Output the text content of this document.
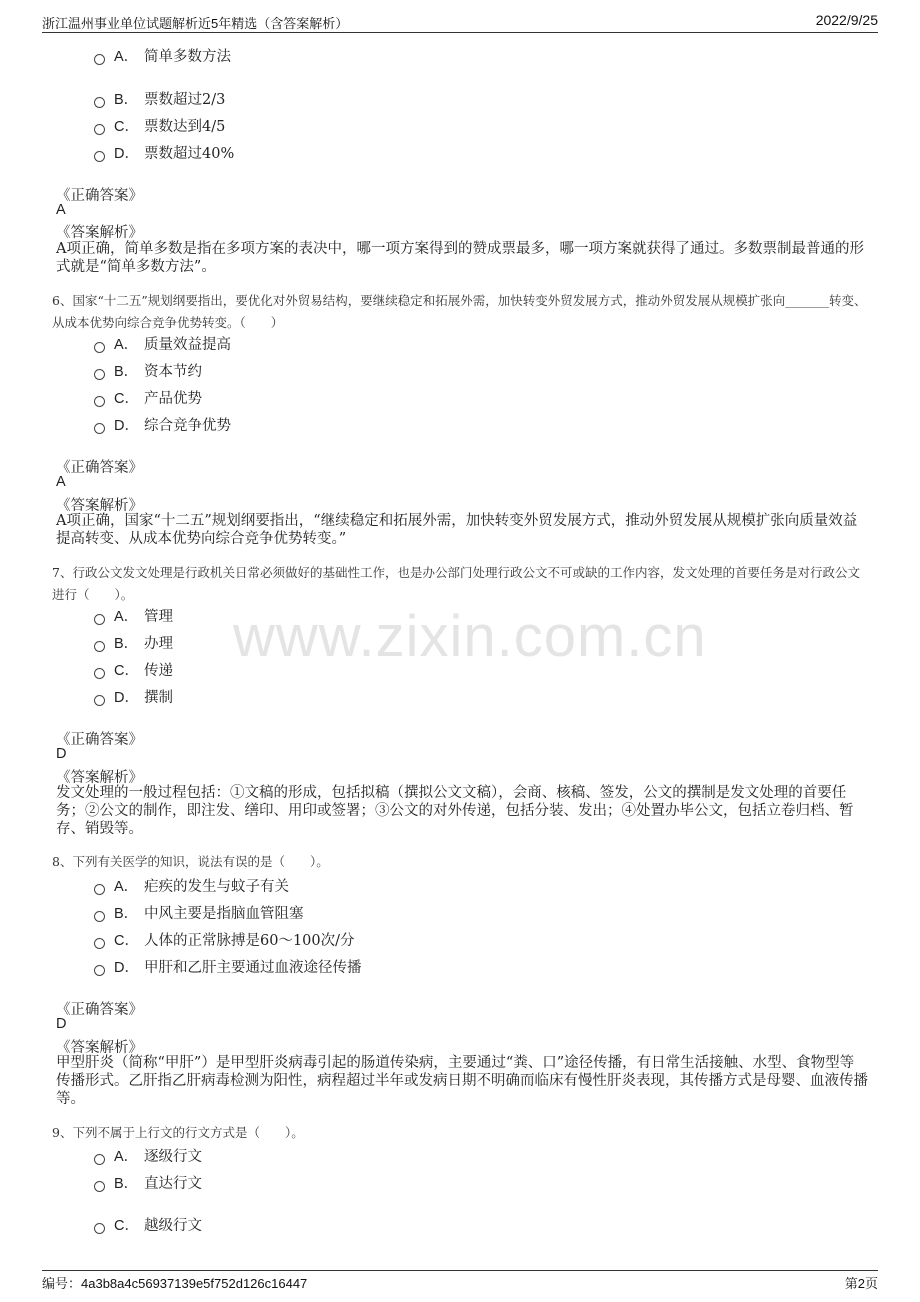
浙江温州事业单位试题解析近5年精选（含答案解析）	2022/9/25
www.zixin.com.cn
A． 简单多数方法
B． 票数超过2/3
C． 票数达到4/5
D． 票数超过40%
《正确答案》
A
《答案解析》
A项正确，简单多数是指在多项方案的表决中，哪一项方案得到的赞成票最多，哪一项方案就获得了通过。多数票制最普通的形式就是“简单多数方法”。
6、国家“十二五”规划纲要指出，要优化对外贸易结构，要继续稳定和拓展外需，加快转变外贸发展方式，推动外贸发展从规模扩张向_______转变、从成本优势向综合竞争优势转变。（　　）
A． 质量效益提高
B． 资本节约
C． 产品优势
D． 综合竞争优势
《正确答案》
A
《答案解析》
A项正确，国家“十二五”规划纲要指出，“继续稳定和拓展外需，加快转变外贸发展方式，推动外贸发展从规模扩张向质量效益提高转变、从成本优势向综合竞争优势转变。”
7、行政公文发文处理是行政机关日常必须做好的基础性工作，也是办公部门处理行政公文不可或缺的工作内容，发文处理的首要任务是对行政公文进行（　　）。
A． 管理
B． 办理
C． 传递
D． 撰制
《正确答案》
D
《答案解析》
发文处理的一般过程包括：①文稿的形成，包括拟稿（撰拟公文文稿），会商、核稿、签发，公文的撰制是发文处理的首要任务；②公文的制作，即注发、缮印、用印或签署；③公文的对外传递，包括分装、发出；④处置办毕公文，包括立卷归档、暂存、销毁等。
8、下列有关医学的知识，说法有误的是（　　）。
A． 疟疾的发生与蚊子有关
B． 中风主要是指脑血管阻塞
C． 人体的正常脉搏是60～100次/分
D． 甲肝和乙肝主要通过血液途径传播
《正确答案》
D
《答案解析》
甲型肝炎（简称“甲肝”）是甲型肝炎病毒引起的肠道传染病，主要通过“粪、口”途径传播，有日常生活接触、水型、食物型等传播形式。乙肝指乙肝病毒检测为阳性，病程超过半年或发病日期不明确而临床有慢性肝炎表现，其传播方式是母婴、血液传播等。
9、下列不属于上行文的行文方式是（　　）。
A． 逐级行文
B． 直达行文
C． 越级行文
编号：4a3b8a4c56937139e5f752d126c16447	第2页
